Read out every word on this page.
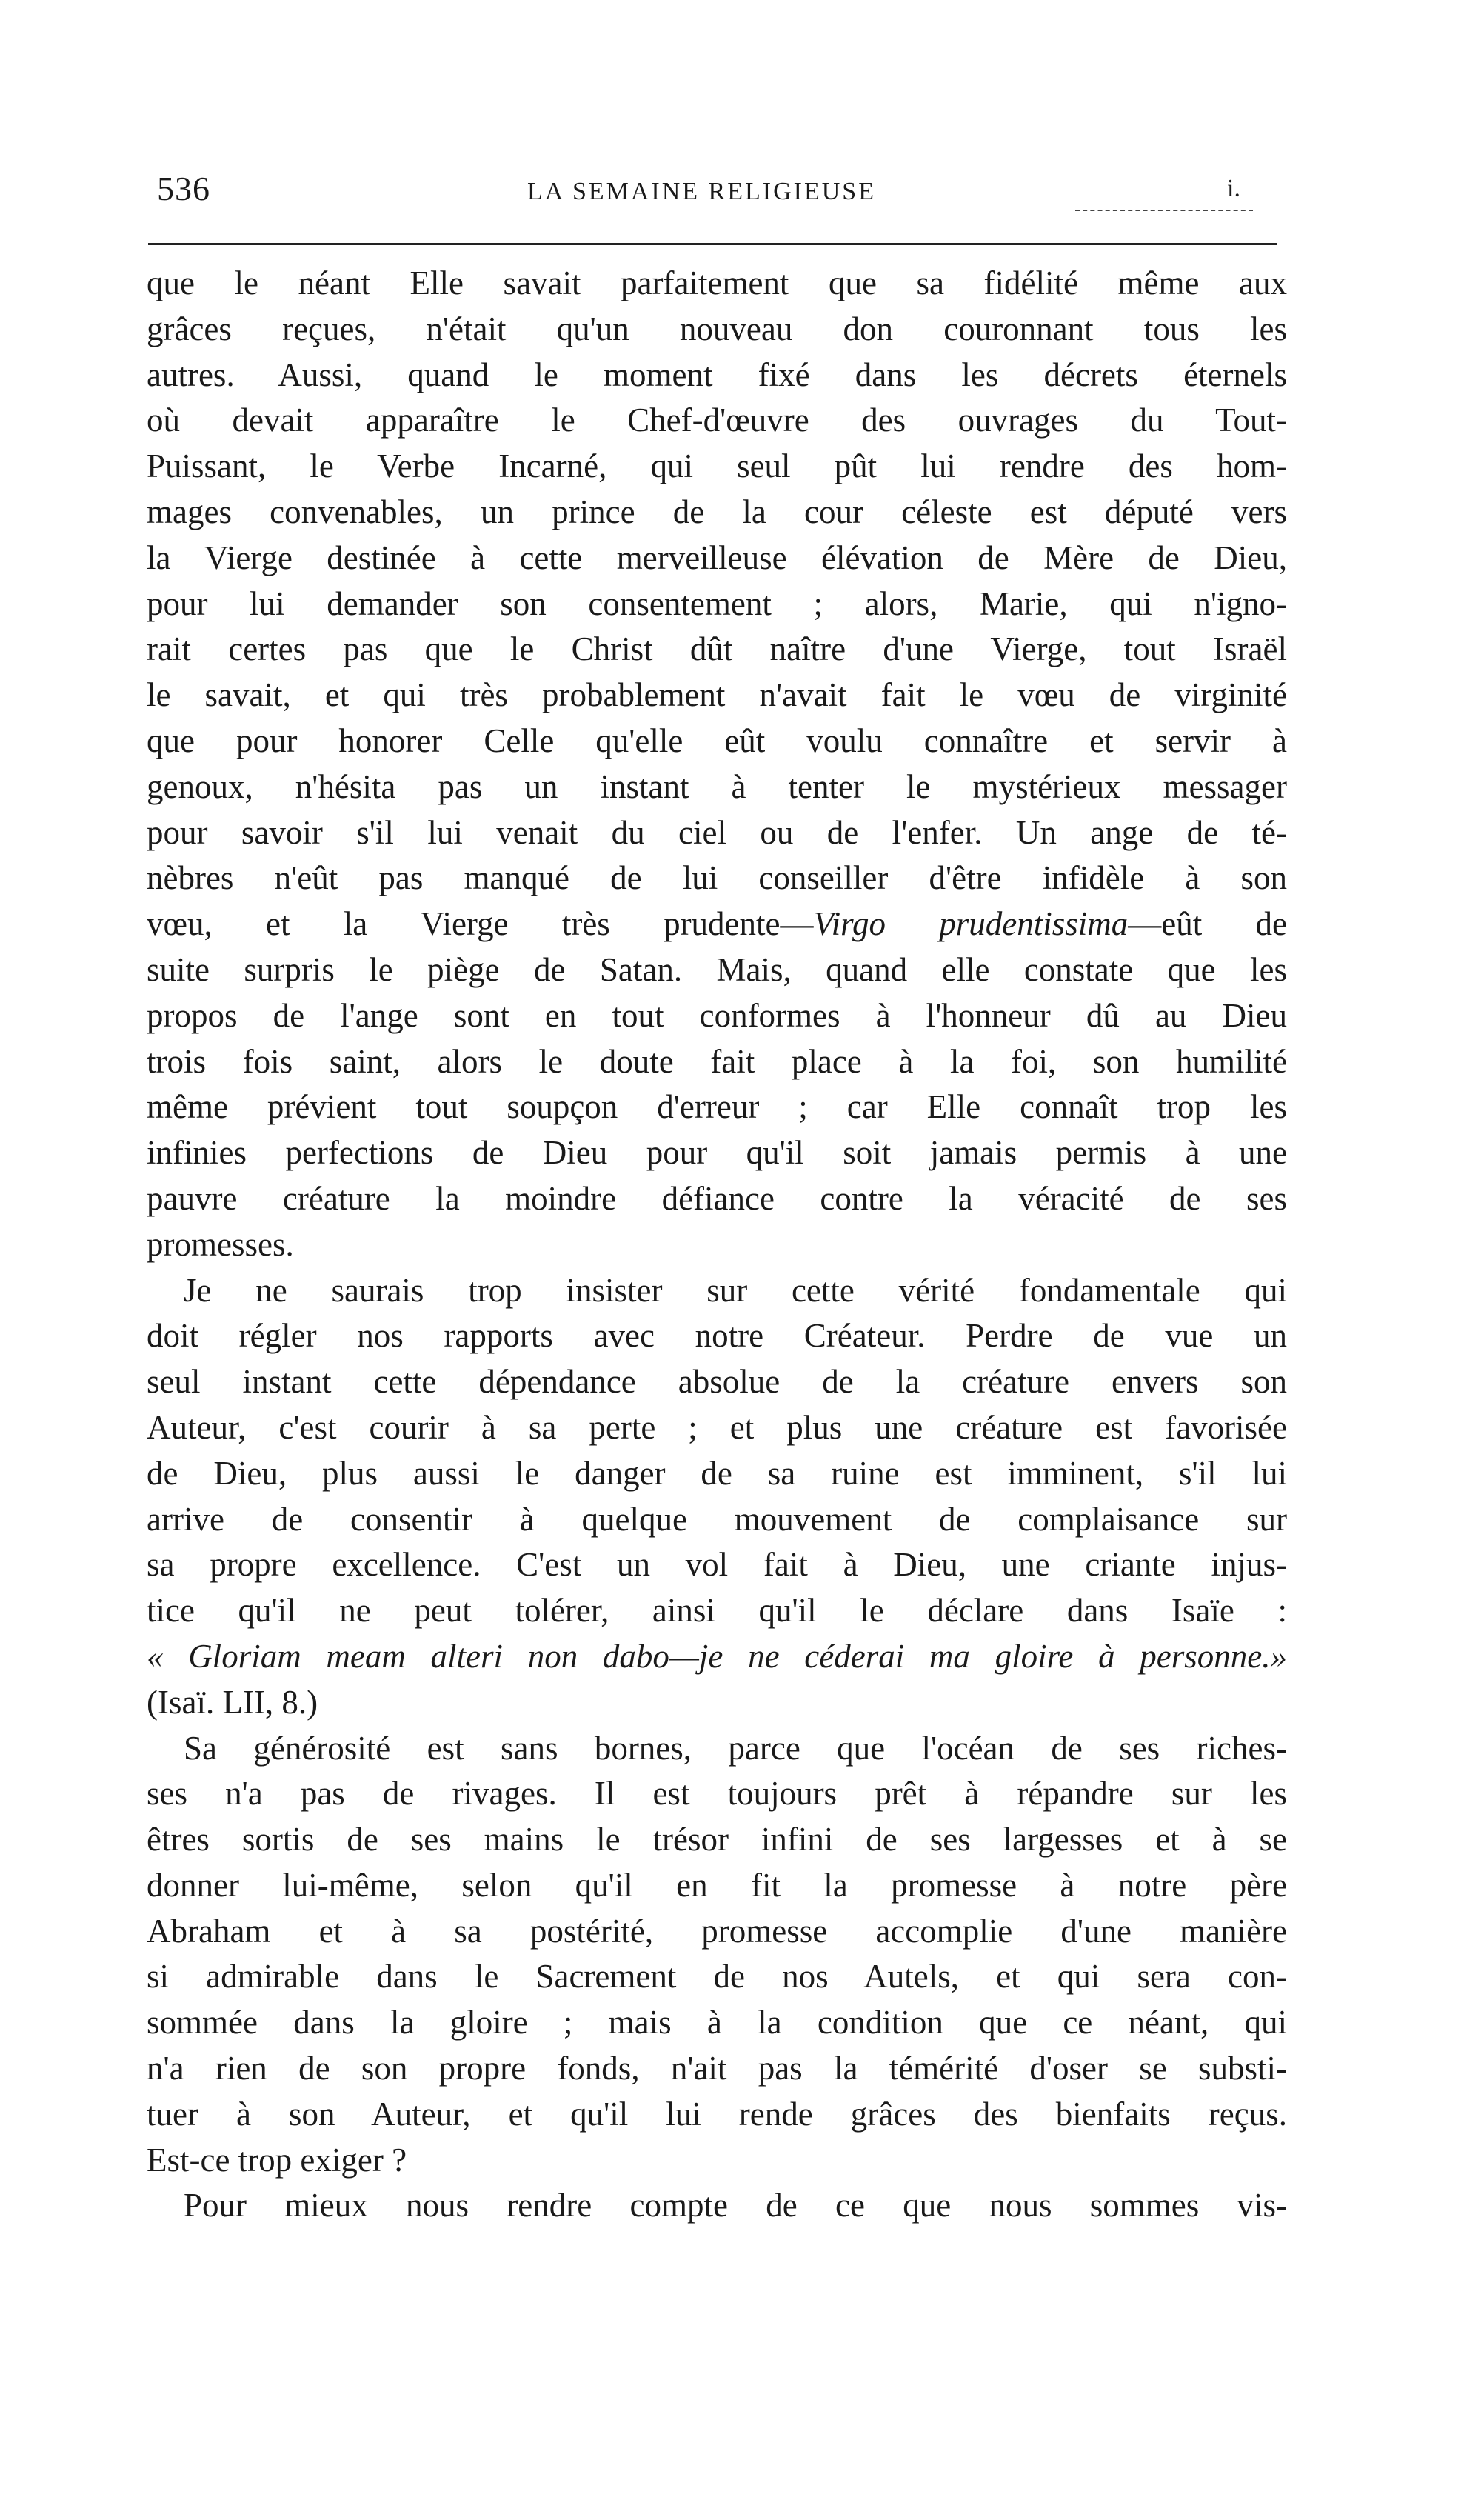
536	LA SEMAINE RELIGIEUSE	i.
que le néant Elle savait parfaitement que sa fidélité même aux
grâces reçues, n'était qu'un nouveau don couronnant tous les
autres. Aussi, quand le moment fixé dans les décrets éternels
où devait apparaître le Chef-d'œuvre des ouvrages du Tout-
Puissant, le Verbe Incarné, qui seul pût lui rendre des hom-
mages convenables, un prince de la cour céleste est député vers
la Vierge destinée à cette merveilleuse élévation de Mère de Dieu,
pour lui demander son consentement ; alors, Marie, qui n'igno-
rait certes pas que le Christ dût naître d'une Vierge, tout Israël
le savait, et qui très probablement n'avait fait le vœu de virginité
que pour honorer Celle qu'elle eût voulu connaître et servir à
genoux, n'hésita pas un instant à tenter le mystérieux messager
pour savoir s'il lui venait du ciel ou de l'enfer. Un ange de té-
nèbres n'eût pas manqué de lui conseiller d'être infidèle à son
vœu, et la Vierge très prudente—Virgo prudentissima—eût de
suite surpris le piège de Satan. Mais, quand elle constate que les
propos de l'ange sont en tout conformes à l'honneur dû au Dieu
trois fois saint, alors le doute fait place à la foi, son humilité
même prévient tout soupçon d'erreur ; car Elle connaît trop les
infinies perfections de Dieu pour qu'il soit jamais permis à une
pauvre créature la moindre défiance contre la véracité de ses
promesses.
Je ne saurais trop insister sur cette vérité fondamentale qui
doit régler nos rapports avec notre Créateur. Perdre de vue un
seul instant cette dépendance absolue de la créature envers son
Auteur, c'est courir à sa perte ; et plus une créature est favorisée
de Dieu, plus aussi le danger de sa ruine est imminent, s'il lui
arrive de consentir à quelque mouvement de complaisance sur
sa propre excellence. C'est un vol fait à Dieu, une criante injus-
tice qu'il ne peut tolérer, ainsi qu'il le déclare dans Isaïe :
« Gloriam meam alteri non dabo—je ne céderai ma gloire à personne.»
(Isaï. LII, 8.)
Sa générosité est sans bornes, parce que l'océan de ses riches-
ses n'a pas de rivages. Il est toujours prêt à répandre sur les
êtres sortis de ses mains le trésor infini de ses largesses et à se
donner lui-même, selon qu'il en fit la promesse à notre père
Abraham et à sa postérité, promesse accomplie d'une manière
si admirable dans le Sacrement de nos Autels, et qui sera con-
sommée dans la gloire ; mais à la condition que ce néant, qui
n'a rien de son propre fonds, n'ait pas la témérité d'oser se substi-
tuer à son Auteur, et qu'il lui rende grâces des bienfaits reçus.
Est-ce trop exiger ?
Pour mieux nous rendre compte de ce que nous sommes vis-
